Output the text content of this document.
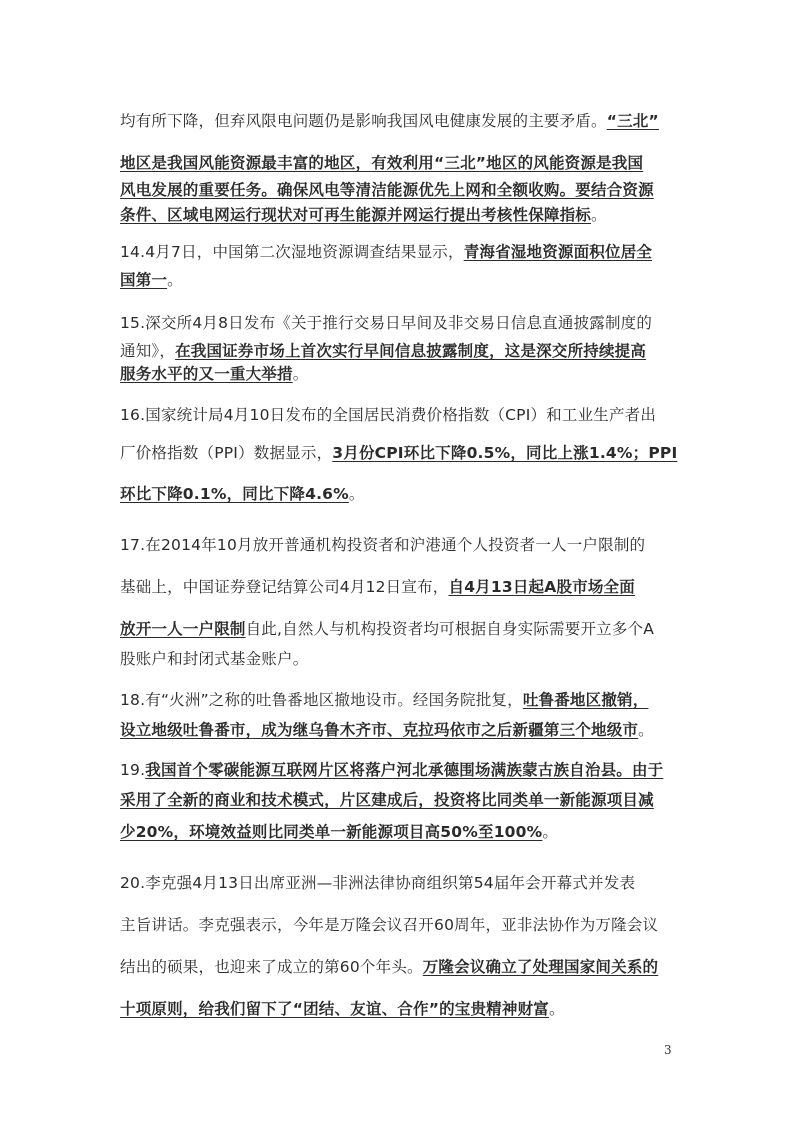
均有所下降，但弃风限电问题仍是影响我国风电健康发展的主要矛盾。“三北”
地区是我国风能资源最丰富的地区，有效利用“三北”地区的风能资源是我国
风电发展的重要任务。确保风电等清洁能源优先上网和全额收购。要结合资源
条件、区域电网运行现状对可再生能源并网运行提出考核性保障指标。
14.4月7日，中国第二次湿地资源调查结果显示，青海省湿地资源面积位居全
国第一。
15.深交所4月8日发布《关于推行交易日早间及非交易日信息直通披露制度的
通知》，在我国证券市场上首次实行早间信息披露制度，这是深交所持续提高
服务水平的又一重大举措。
16.国家统计局4月10日发布的全国居民消费价格指数（CPI）和工业生产者出
厂价格指数（PPI）数据显示，3月份CPI环比下降0.5%，同比上涨1.4%；PPI
环比下降0.1%，同比下降4.6%。
17.在2014年10月放开普通机构投资者和沪港通个人投资者一人一户限制的
基础上，中国证券登记结算公司4月12日宣布，自4月13日起A股市场全面
放开一人一户限制自此,自然人与机构投资者均可根据自身实际需要开立多个A
股账户和封闭式基金账户。
18.有“火洲”之称的吐鲁番地区撤地设市。经国务院批复，吐鲁番地区撤销，
设立地级吐鲁番市，成为继乌鲁木齐市、克拉玛依市之后新疆第三个地级市。
19.我国首个零碳能源互联网片区将落户河北承德围场满族蒙古族自治县。由于
采用了全新的商业和技术模式，片区建成后，投资将比同类单一新能源项目减
少20%，环境效益则比同类单一新能源项目高50%至100%。
20.李克强4月13日出席亚洲—非洲法律协商组织第54届年会开幕式并发表
主旨讲话。李克强表示，今年是万隆会议召开60周年，亚非法协作为万隆会议
结出的硕果，也迎来了成立的第60个年头。万隆会议确立了处理国家间关系的
十项原则，给我们留下了“团结、友谊、合作”的宝贵精神财富。
3
